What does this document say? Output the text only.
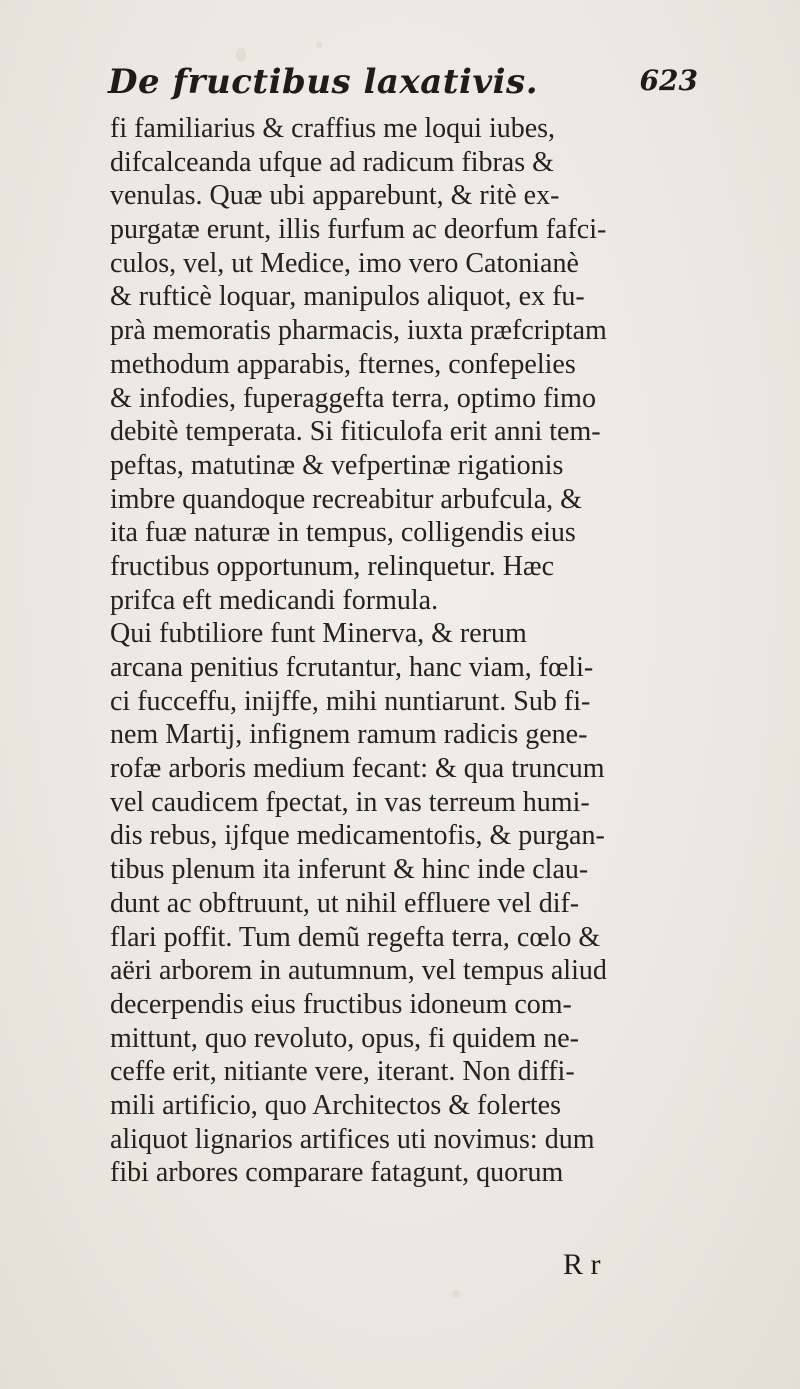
De fructibus laxativis.	623
fi familiarius & craffius me loqui iubes,
difcalceanda ufque ad radicum fibras &
venulas. Quæ ubi apparebunt, & ritè ex-
purgatæ erunt, illis furfum ac deorfum fafci-
culos, vel, ut Medice, imo vero Catonianè
& rufticè loquar, manipulos aliquot, ex fu-
prà memoratis pharmacis, iuxta præfcriptam
methodum apparabis, fternes, confepelies
& infodies, fuperaggefta terra, optimo fimo
debitè temperata. Si fiticulofa erit anni tem-
peftas, matutinæ & vefpertinæ rigationis
imbre quandoque recreabitur arbufcula, &
ita fuæ naturæ in tempus, colligendis eius
fructibus opportunum, relinquetur. Hæc
prifca eft medicandi formula.
Qui fubtiliore funt Minerva, & rerum
arcana penitius fcrutantur, hanc viam, fœli-
ci fucceffu, inijffe, mihi nuntiarunt. Sub fi-
nem Martij, infignem ramum radicis gene-
rofæ arboris medium fecant: & qua truncum
vel caudicem fpectat, in vas terreum humi-
dis rebus, ijfque medicamentofis, & purgan-
tibus plenum ita inferunt & hinc inde clau-
dunt ac obftruunt, ut nihil effluere vel dif-
flari poffit. Tum demũ regefta terra, cœlo &
aëri arborem in autumnum, vel tempus aliud
decerpendis eius fructibus idoneum com-
mittunt, quo revoluto, opus, fi quidem ne-
ceffe erit, nitiante vere, iterant. Non diffi-
mili artificio, quo Architectos & folertes
aliquot lignarios artifices uti novimus: dum
fibi arbores comparare fatagunt, quorum
R r
